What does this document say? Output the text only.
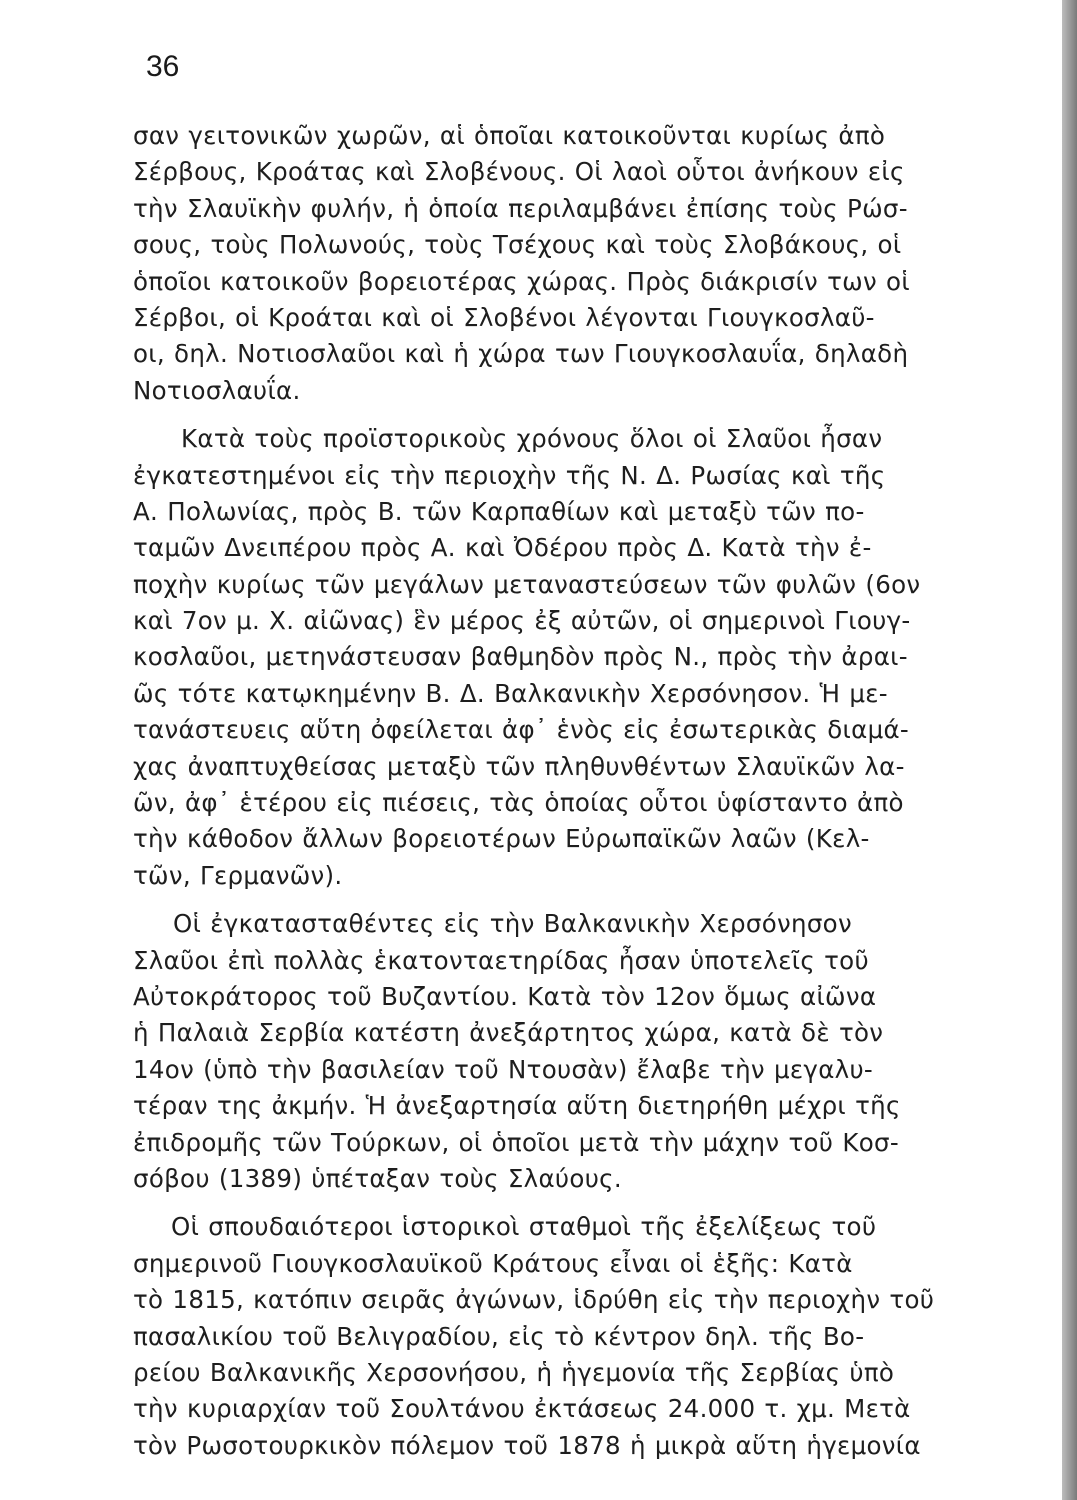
36

σαν γειτονικῶν χωρῶν, αἱ ὁποῖαι κατοικοῦνται κυρίως ἀπὸ
Σέρβους, Κροάτας καὶ Σλοβένους. Οἱ λαοὶ οὗτοι ἀνήκουν εἰς
τὴν Σλαυϊκὴν φυλήν, ἡ ὁποία περιλαμβάνει ἐπίσης τοὺς Ρώσ-
σους, τοὺς Πολωνούς, τοὺς Τσέχους καὶ τοὺς Σλοβάκους, οἱ
ὁποῖοι κατοικοῦν βορειοτέρας χώρας. Πρὸς διάκρισίν των οἱ
Σέρβοι, οἱ Κροάται καὶ οἱ Σλοβένοι λέγονται Γιουγκοσλαῦ-
οι, δηλ. Νοτιοσλαῦοι καὶ ἡ χώρα των Γιουγκοσλαυΐα, δηλαδὴ
Νοτιοσλαυΐα.
Κατὰ τοὺς προϊστορικοὺς χρόνους ὅλοι οἱ Σλαῦοι ἦσαν
ἐγκατεστημένοι εἰς τὴν περιοχὴν τῆς Ν. Δ. Ρωσίας καὶ τῆς
Α. Πολωνίας, πρὸς Β. τῶν Καρπαθίων καὶ μεταξὺ τῶν πο-
ταμῶν Δνειπέρου πρὸς Α. καὶ Ὀδέρου πρὸς Δ. Κατὰ τὴν ἐ-
ποχὴν κυρίως τῶν μεγάλων μεταναστεύσεων τῶν φυλῶν (6ον
καὶ 7ον μ. Χ. αἰῶνας) ἓν μέρος ἐξ αὐτῶν, οἱ σημερινοὶ Γιουγ-
κοσλαῦοι, μετηνάστευσαν βαθμηδὸν πρὸς Ν., πρὸς τὴν ἀραι-
ῶς τότε κατῳκημένην Β. Δ. Βαλκανικὴν Χερσόνησον. Ἡ με-
τανάστευεις αὕτη ὀφείλεται ἀφ᾽ ἑνὸς εἰς ἐσωτερικὰς διαμά-
χας ἀναπτυχθείσας μεταξὺ τῶν πληθυνθέντων Σλαυϊκῶν λα-
ῶν, ἀφ᾽ ἑτέρου εἰς πιέσεις, τὰς ὁποίας οὗτοι ὑφίσταντο ἀπὸ
τὴν κάθοδον ἄλλων βορειοτέρων Εὐρωπαϊκῶν λαῶν (Κελ-
τῶν, Γερμανῶν).
Οἱ ἐγκατασταθέντες εἰς τὴν Βαλκανικὴν Χερσόνησον
Σλαῦοι ἐπὶ πολλὰς ἑκατονταετηρίδας ἦσαν ὑποτελεῖς τοῦ
Αὐτοκράτορος τοῦ Βυζαντίου. Κατὰ τὸν 12ον ὅμως αἰῶνα
ἡ Παλαιὰ Σερβία κατέστη ἀνεξάρτητος χώρα, κατὰ δὲ τὸν
14ον (ὑπὸ τὴν βασιλείαν τοῦ Ντουσὰν) ἔλαβε τὴν μεγαλυ-
τέραν της ἀκμήν. Ἡ ἀνεξαρτησία αὕτη διετηρήθη μέχρι τῆς
ἐπιδρομῆς τῶν Τούρκων, οἱ ὁποῖοι μετὰ τὴν μάχην τοῦ Κοσ-
σόβου (1389) ὑπέταξαν τοὺς Σλαύους.
Οἱ σπουδαιότεροι ἱστορικοὶ σταθμοὶ τῆς ἐξελίξεως τοῦ
σημερινοῦ Γιουγκοσλαυϊκοῦ Κράτους εἶναι οἱ ἑξῆς: Κατὰ
τὸ 1815, κατόπιν σειρᾶς ἀγώνων, ἱδρύθη εἰς τὴν περιοχὴν τοῦ
πασαλικίου τοῦ Βελιγραδίου, εἰς τὸ κέντρον δηλ. τῆς Βο-
ρείου Βαλκανικῆς Χερσονήσου, ἡ ἡγεμονία τῆς Σερβίας ὑπὸ
τὴν κυριαρχίαν τοῦ Σουλτάνου ἐκτάσεως 24.000 τ. χμ. Μετὰ
τὸν Ρωσοτουρκικὸν πόλεμον τοῦ 1878 ἡ μικρὰ αὕτη ἡγεμονία
